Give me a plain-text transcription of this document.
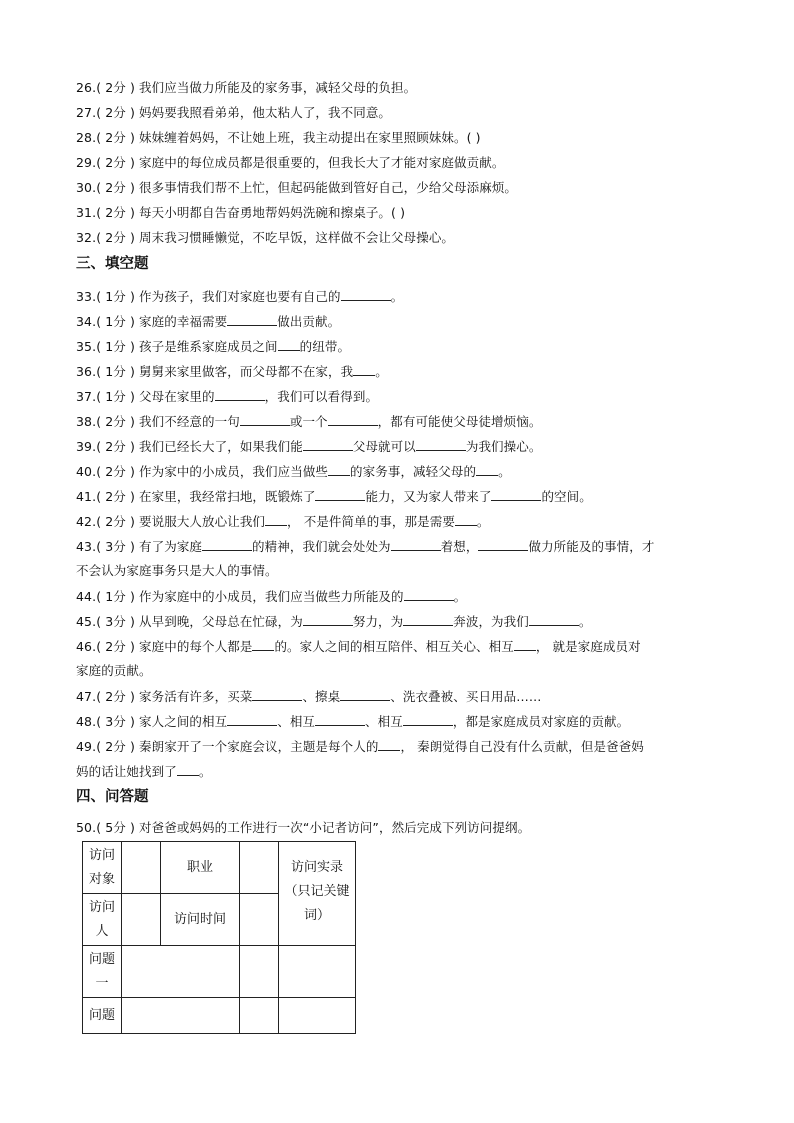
26.( 2分 ) 我们应当做力所能及的家务事，减轻父母的负担。
27.( 2分 ) 妈妈要我照看弟弟，他太粘人了，我不同意。
28.( 2分 ) 妹妹缠着妈妈，不让她上班，我主动提出在家里照顾妹妹。( )
29.( 2分 ) 家庭中的每位成员都是很重要的，但我长大了才能对家庭做贡献。
30.( 2分 ) 很多事情我们帮不上忙，但起码能做到管好自己，少给父母添麻烦。
31.( 2分 ) 每天小明都自告奋勇地帮妈妈洗碗和擦桌子。( )
32.( 2分 ) 周末我习惯睡懒觉，不吃早饭，这样做不会让父母操心。
三、填空题
33.( 1分 ) 作为孩子，我们对家庭也要有自己的	。
34.( 1分 ) 家庭的幸福需要	做出贡献。
35.( 1分 ) 孩子是维系家庭成员之间 的纽带。
36.( 1分 ) 舅舅来家里做客，而父母都不在家，我 。
37.( 1分 ) 父母在家里的	，我们可以看得到。
38.( 2分 ) 我们不经意的一句	或一个	，都有可能使父母徒增烦恼。
39.( 2分 ) 我们已经长大了，如果我们能	父母就可以	为我们操心。
40.( 2分 ) 作为家中的小成员，我们应当做些 的家务事，减轻父母的 。
41.( 2分 ) 在家里，我经常扫地，既锻炼了	能力，又为家人带来了	的空间。
42.( 2分 ) 要说服大人放心让我们 ， 不是件简单的事，那是需要 。
43.( 3分 ) 有了为家庭	的精神，我们就会处处为	着想，	做力所能及的事情，才
不会认为家庭事务只是大人的事情。
44.( 1分 ) 作为家庭中的小成员，我们应当做些力所能及的	。
45.( 3分 ) 从早到晚，父母总在忙碌，为	努力，为	奔波，为我们	。
46.( 2分 ) 家庭中的每个人都是 的。家人之间的相互陪伴、相互关心、相互 ， 就是家庭成员对
家庭的贡献。
47.( 2分 ) 家务活有许多，买菜	、擦桌	、洗衣叠被、买日用品……
48.( 3分 ) 家人之间的相互	、相互	、相互	，都是家庭成员对家庭的贡献。
49.( 2分 ) 秦朗家开了一个家庭会议，主题是每个人的 ， 秦朗觉得自己没有什么贡献，但是爸爸妈
妈的话让她找到了 。
四、问答题
50.( 5分 ) 对爸爸或妈妈的工作进行一次“小记者访问”，然后完成下列访问提纲。
访问对象		职业		访问实录（只记关键词）

访问人		访问时间		

问题一				

问题				
